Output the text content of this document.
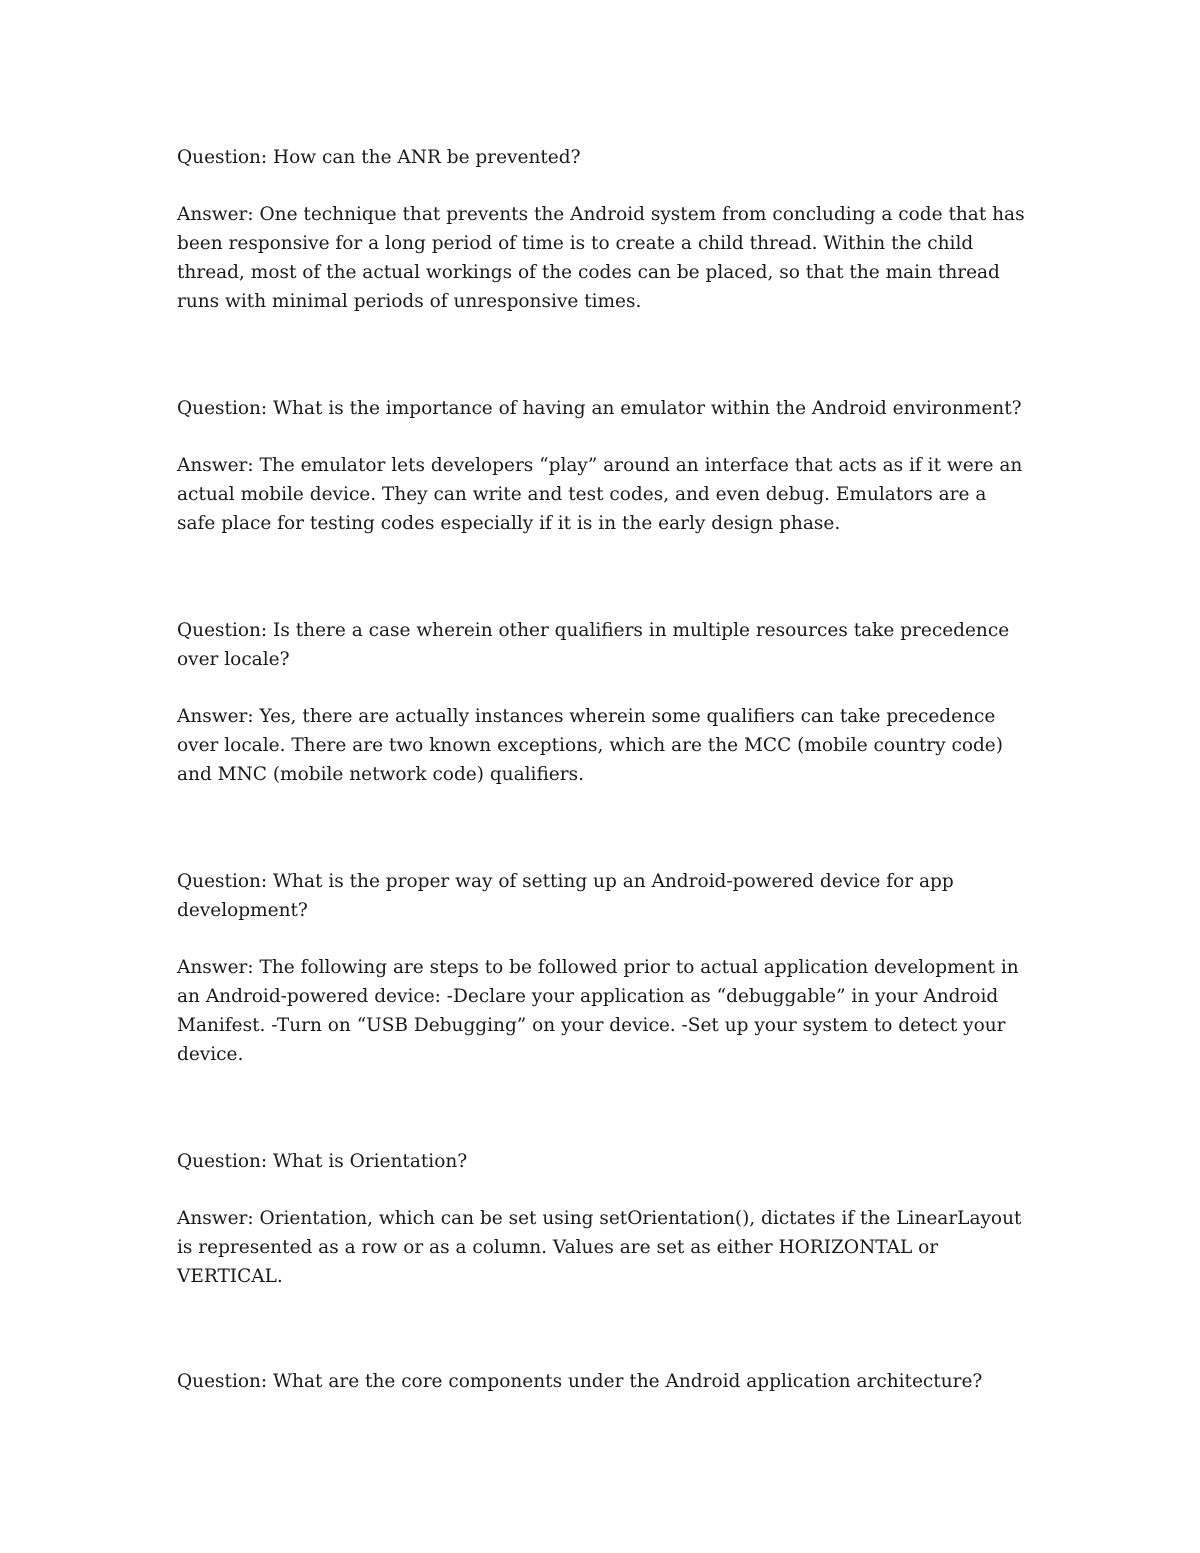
Question: How can the ANR be prevented?

Answer: One technique that prevents the Android system from concluding a code that has been responsive for a long period of time is to create a child thread. Within the child thread, most of the actual workings of the codes can be placed, so that the main thread runs with minimal periods of unresponsive times.

Question: What is the importance of having an emulator within the Android environment?

Answer: The emulator lets developers “play” around an interface that acts as if it were an actual mobile device. They can write and test codes, and even debug. Emulators are a safe place for testing codes especially if it is in the early design phase.

Question: Is there a case wherein other qualifiers in multiple resources take precedence over locale?

Answer: Yes, there are actually instances wherein some qualifiers can take precedence over locale. There are two known exceptions, which are the MCC (mobile country code) and MNC (mobile network code) qualifiers.

Question: What is the proper way of setting up an Android-powered device for app development?

Answer: The following are steps to be followed prior to actual application development in an Android-powered device: -Declare your application as “debuggable” in your Android Manifest. -Turn on “USB Debugging” on your device. -Set up your system to detect your device.

Question: What is Orientation?

Answer: Orientation, which can be set using setOrientation(), dictates if the LinearLayout is represented as a row or as a column. Values are set as either HORIZONTAL or VERTICAL.

Question: What are the core components under the Android application architecture?
